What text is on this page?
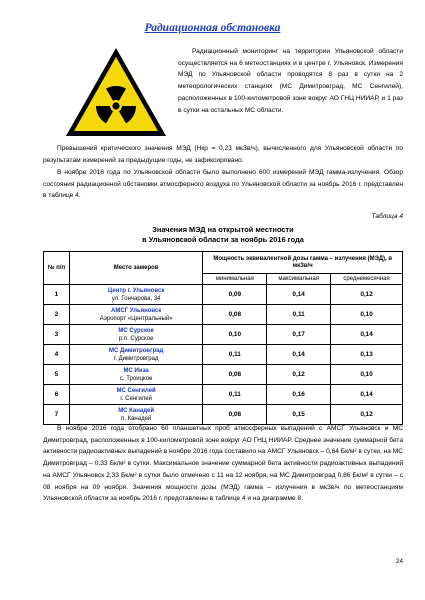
Радиационная обстановка
Радиационный мониторинг на территории Ульяновской области осуществляется на 6 метеостанциях и в центре г. Ульяновск. Измерения МЭД по Ульяновской области проводятся 8 раз в сутки на 2 метеорологических станциях (МС Димитровград, МС Сенгилей), расположенных в 100-километровой зоне вокруг АО ГНЦ НИИАР, и 1 раз в сутки на остальных МС области.
Превышений критического значения МЭД (Нкр = 0,23 мкЗв/ч), вычисленного для Ульяновской области по результатам измерений за предыдущие годы, не зафиксировано.
В ноябре 2016 года по Ульяновской области было выполнено 600 измерений МЭД гамма-излучения. Обзор состояния радиационной обстановки атмосферного воздуха по Ульяновской области за ноябрь 2016 г. представлен в таблице 4.
Таблица 4
Значения МЭД на открытой местности
в Ульяновской области за ноябрь 2016 года
№ п/п	Место замеров	Мощность эквивалентной дозы гамма – излучения (МЭД), в мкЗв/ч		
		минимальная	максимальная	среднемесячная
1	Центр г. Ульяновск
ул. Гончарова, 34	0,09	0,14	0,12
2	АМСГ Ульяновск
Аэропорт «Центральный»	0,08	0,11	0,10
3	МС Сурское
р.п. Сурское	0,10	0,17	0,14
4	МС Димитровград
г. Димитровград	0,11	0,14	0,13
5	МС Инза
с. Троицкое	0,08	0,12	0,10
6	МС Сенгилей
г. Сенгилей	0,11	0,16	0,14
7	МС Канадей
п. Канадей	0,08	0,15	0,12
В ноябре 2016 года отобрано 60 планшетных проб атмосферных выпадений с АМСГ Ульяновск и МС Димитровград, расположенных в 100-километровой зоне вокруг АО ГНЦ НИИАР. Среднее значение суммарной бета активности радиоактивных выпадений в ноябре 2016 года составило на АМСГ Ульяновск – 0,64 Бк/м² в сутки, на МС Димитровград – 0,33 Бк/м² в сутки. Максимальное значение суммарной бета активности радиоактивных выпадений на АМСГ Ульяновск 2,33 Бк/м² в сутки было отмечено с 11 на 12 ноября, на МС Димитровград 0,86 Бк/м² в сутки – с 08 ноября на 09 ноября. Значения мощности дозы (МЭД) гамма – излучения в мкЗв/ч по метеостанциям Ульяновской области за ноябрь 2016 г. представлены в таблице 4 и на диаграмме 8.
24
